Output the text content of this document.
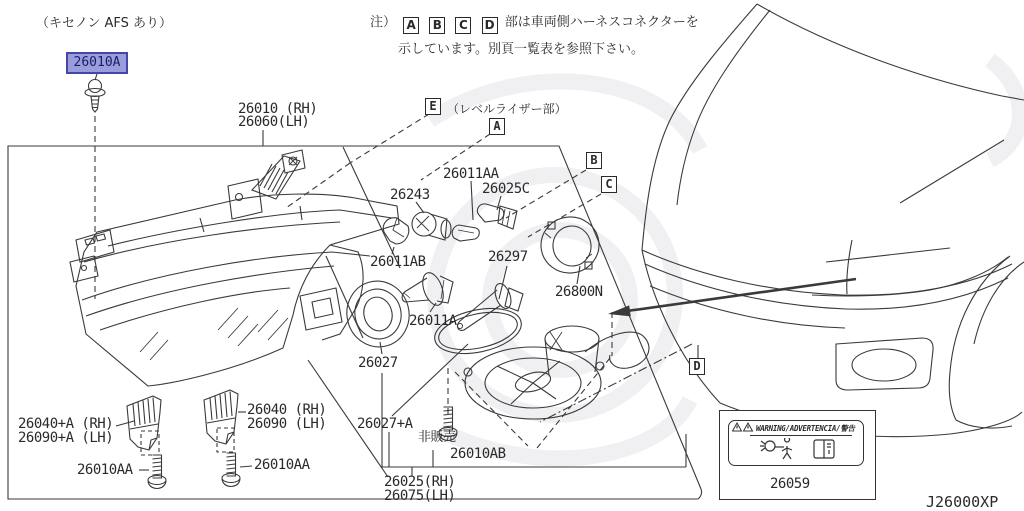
（キセノン AFS あり）	注） A B C D 部は車両側ハーネスコネクターを
示しています。別頁一覧表を参照下さい。
26010A
26010 (RH)
26060(LH)
E （レベルライザー部）
A
B
C
D
26011AA
26025C
26243
26011AB	26297
26800N
26011A
26027
26027+A
非販売
26010AB
26025(RH)
26075(LH)
26040 (RH)
26090 (LH)
26040+A (RH)
26090+A (LH)
26010AA	26010AA
WARNING/ADVERTENCIA/警告
26059
J26000XP
